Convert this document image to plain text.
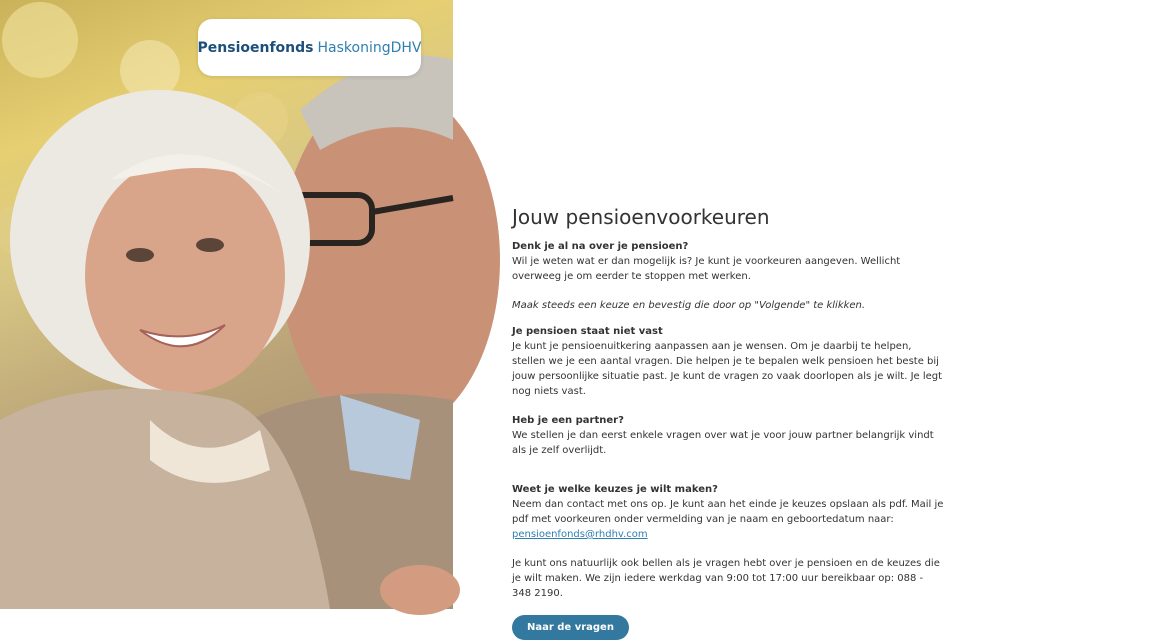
Pensioenfonds HaskoningDHV
Jouw pensioenvoorkeuren

Denk je al na over je pensioen?

Wil je weten wat er dan mogelijk is? Je kunt je voorkeuren aangeven. Wellicht overweeg je om eerder te stoppen met werken.

Maak steeds een keuze en bevestig die door op "Volgende" te klikken.

Je pensioen staat niet vast

Je kunt je pensioenuitkering aanpassen aan je wensen. Om je daarbij te helpen, stellen we je een aantal vragen. Die helpen je te bepalen welk pensioen het beste bij jouw persoonlijke situatie past. Je kunt de vragen zo vaak doorlopen als je wilt. Je legt nog niets vast.

Heb je een partner?

We stellen je dan eerst enkele vragen over wat je voor jouw partner belangrijk vindt als je zelf overlijdt.

Weet je welke keuzes je wilt maken?

Neem dan contact met ons op. Je kunt aan het einde je keuzes opslaan als pdf. Mail je pdf met voorkeuren onder vermelding van je naam en geboortedatum naar:

pensioenfonds@rhdhv.com

Je kunt ons natuurlijk ook bellen als je vragen hebt over je pensioen en de keuzes die je wilt maken. We zijn iedere werkdag van 9:00 tot 17:00 uur bereikbaar op: 088 - 348 2190.

Naar de vragen
